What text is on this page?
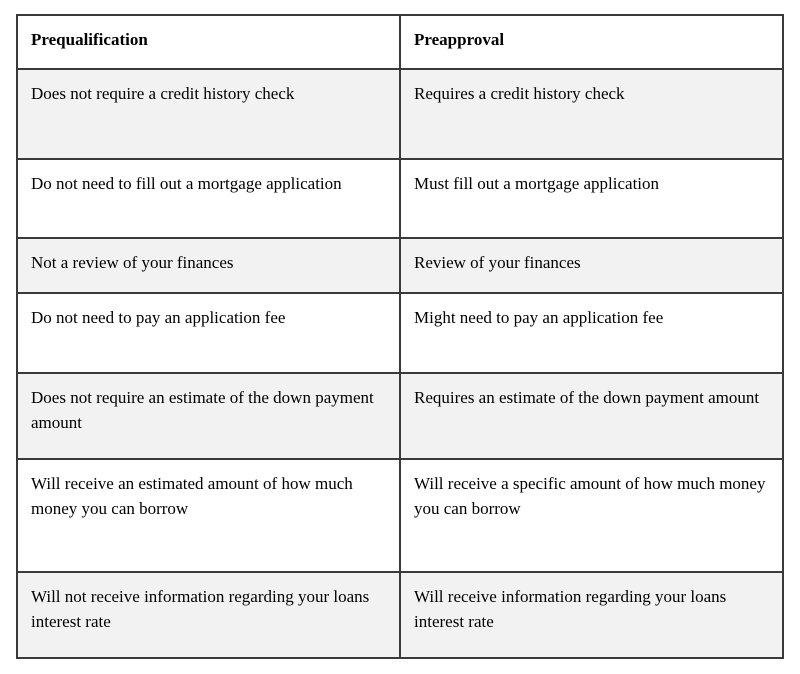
Prequalification	Preapproval
Does not require a credit history check	Requires a credit history check
Do not need to fill out a mortgage application	Must fill out a mortgage application
Not a review of your finances	Review of your finances
Do not need to pay an application fee	Might need to pay an application fee
Does not require an estimate of the down payment amount	Requires an estimate of the down payment amount
Will receive an estimated amount of how much money you can borrow	Will receive a specific amount of how much money you can borrow
Will not receive information regarding your loans interest rate	Will receive information regarding your loans interest rate
